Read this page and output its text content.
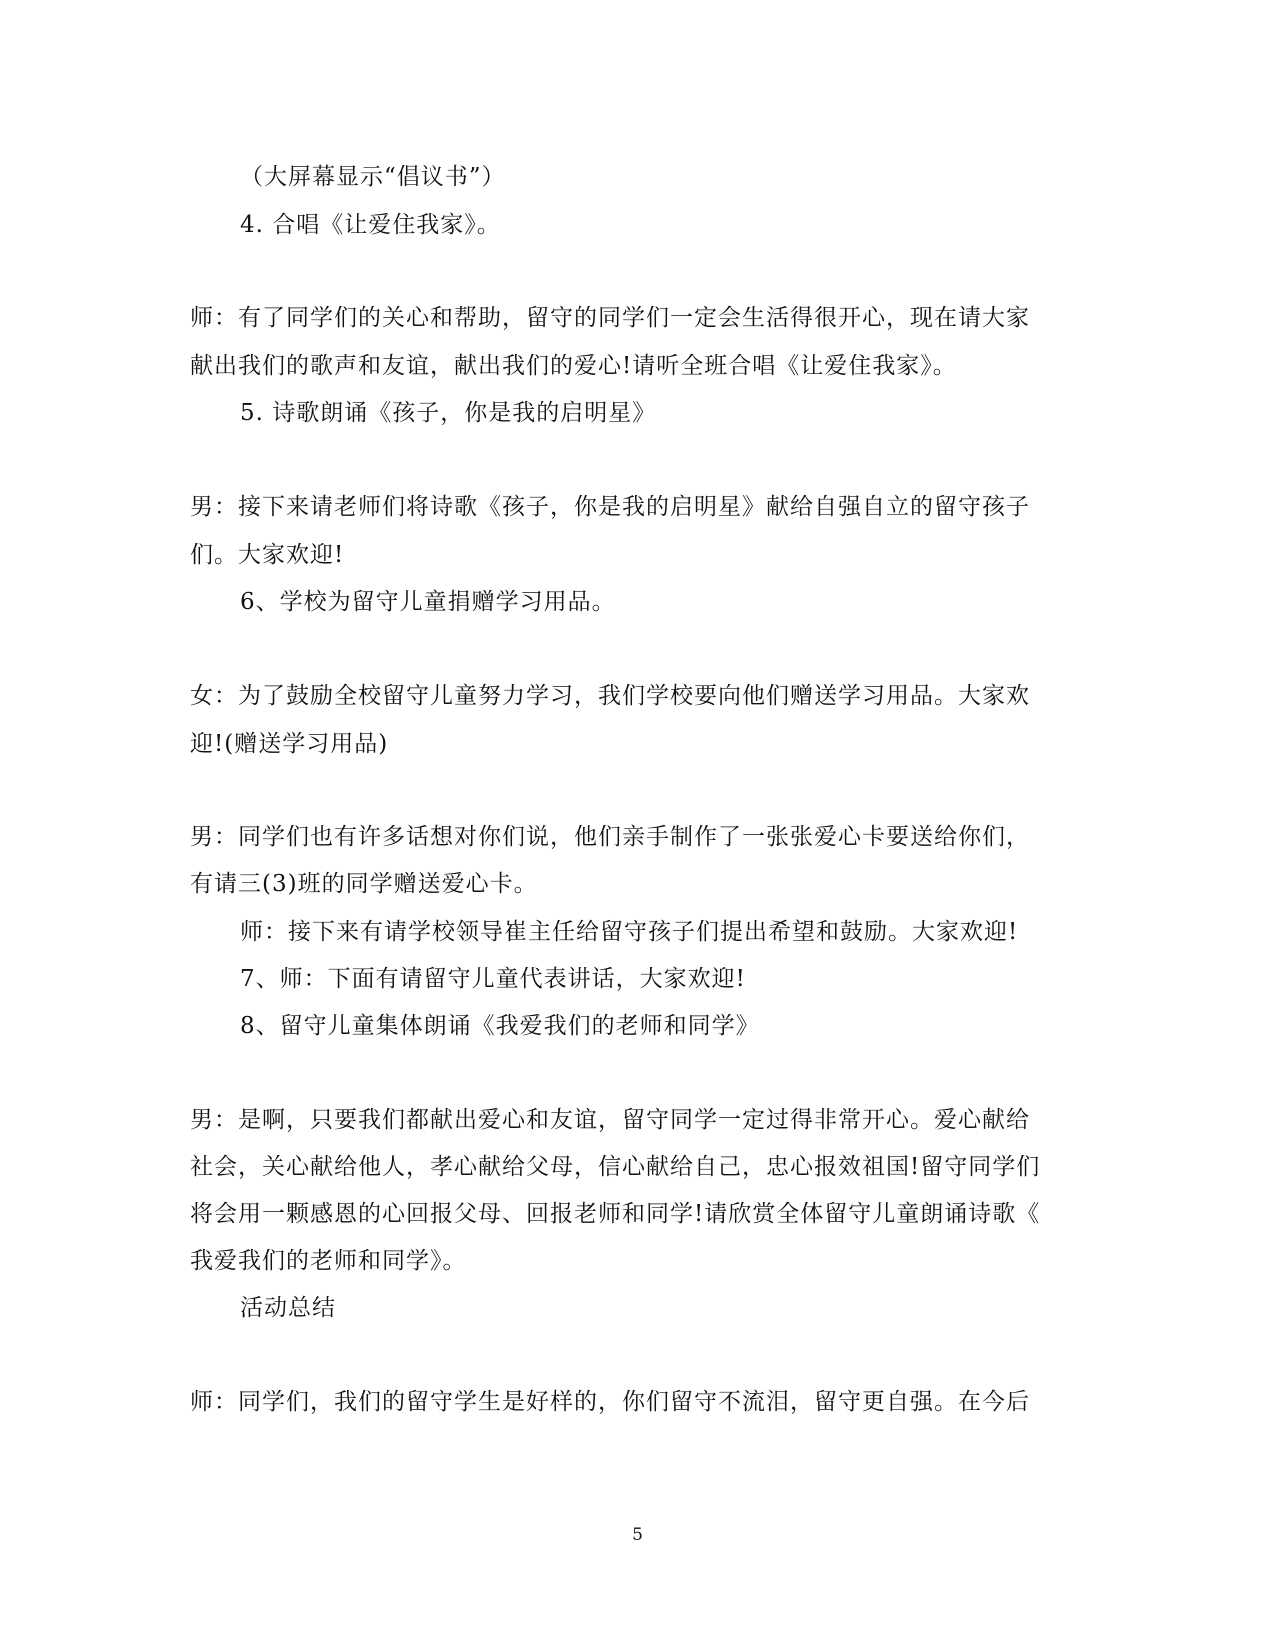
（大屏幕显示“倡议书”）
4. 合唱《让爱住我家》。
师：有了同学们的关心和帮助，留守的同学们一定会生活得很开心，现在请大家
献出我们的歌声和友谊，献出我们的爱心!请听全班合唱《让爱住我家》。
5. 诗歌朗诵《孩子，你是我的启明星》
男：接下来请老师们将诗歌《孩子，你是我的启明星》献给自强自立的留守孩子
们。大家欢迎!
6、学校为留守儿童捐赠学习用品。
女：为了鼓励全校留守儿童努力学习，我们学校要向他们赠送学习用品。大家欢
迎!(赠送学习用品)
男：同学们也有许多话想对你们说，他们亲手制作了一张张爱心卡要送给你们，
有请三(3)班的同学赠送爱心卡。
师：接下来有请学校领导崔主任给留守孩子们提出希望和鼓励。大家欢迎!
7、师：下面有请留守儿童代表讲话，大家欢迎!
8、留守儿童集体朗诵《我爱我们的老师和同学》
男：是啊，只要我们都献出爱心和友谊，留守同学一定过得非常开心。爱心献给
社会，关心献给他人，孝心献给父母，信心献给自己，忠心报效祖国!留守同学们
将会用一颗感恩的心回报父母、回报老师和同学!请欣赏全体留守儿童朗诵诗歌《
我爱我们的老师和同学》。
活动总结
师：同学们，我们的留守学生是好样的，你们留守不流泪，留守更自强。在今后
5
